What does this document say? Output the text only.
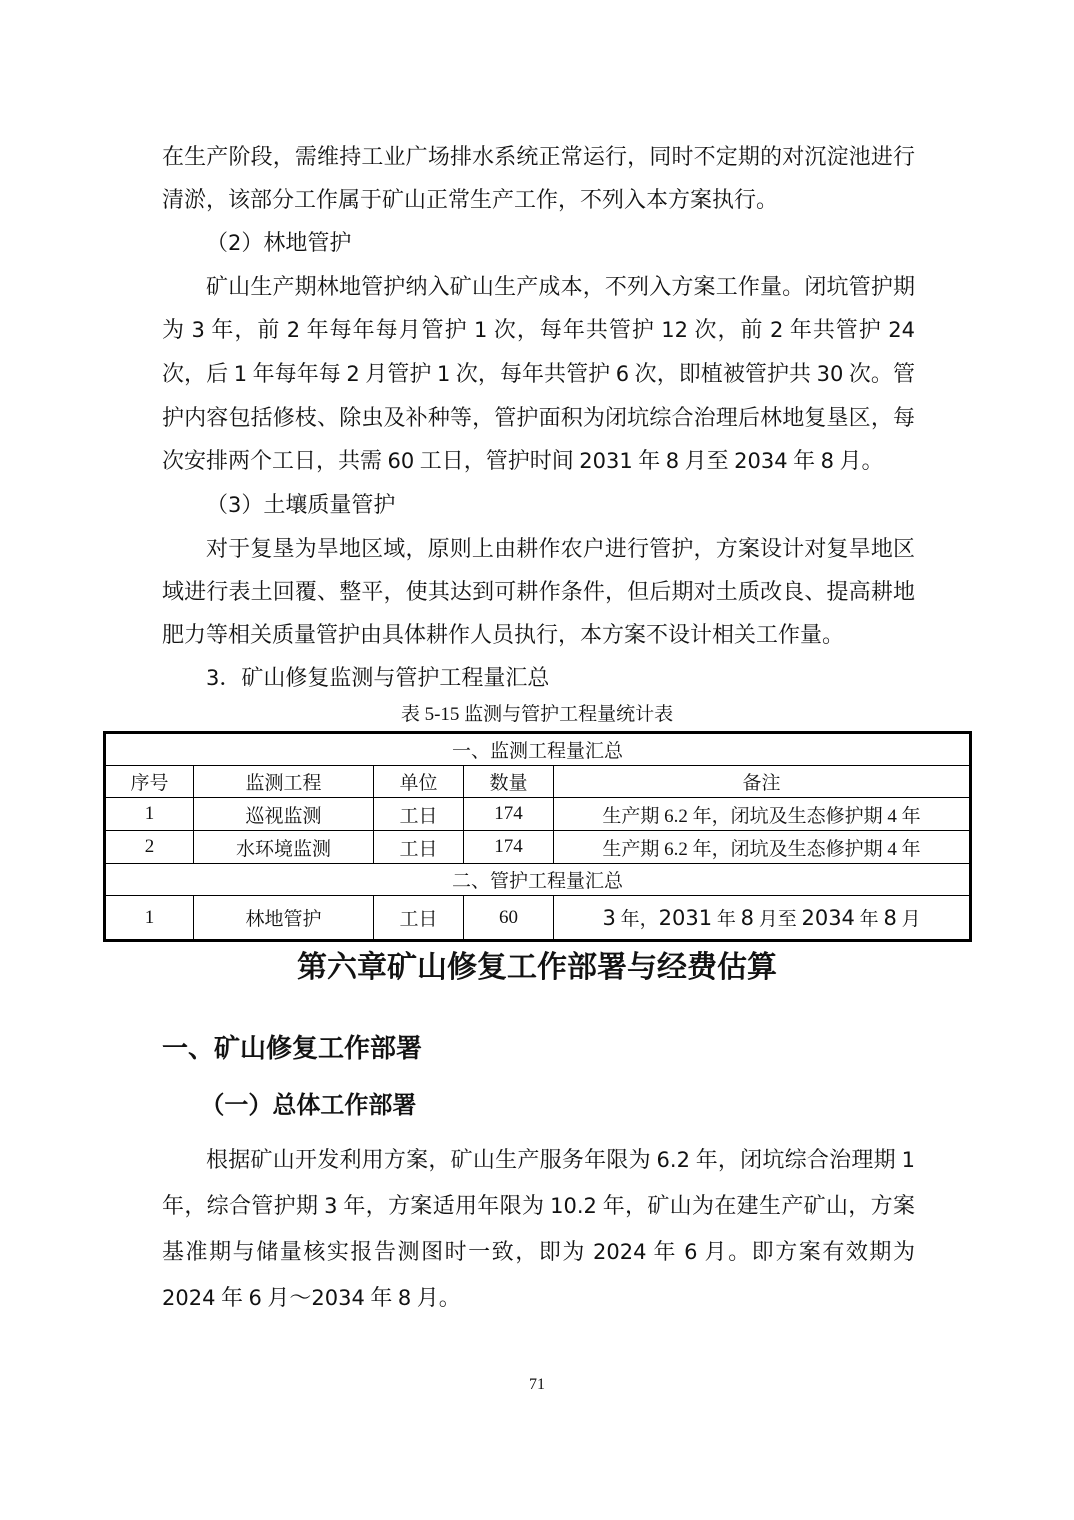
在生产阶段，需维持工业广场排水系统正常运行，同时不定期的对沉淀池进行清淤，该部分工作属于矿山正常生产工作，不列入本方案执行。

（2）林地管护

矿山生产期林地管护纳入矿山生产成本，不列入方案工作量。闭坑管护期为 3 年，前 2 年每年每月管护 1 次，每年共管护 12 次，前 2 年共管护 24 次，后 1 年每年每 2 月管护 1 次，每年共管护 6 次，即植被管护共 30 次。管护内容包括修枝、除虫及补种等，管护面积为闭坑综合治理后林地复垦区，每次安排两个工日，共需 60 工日，管护时间 2031 年 8 月至 2034 年 8 月。

（3）土壤质量管护

对于复垦为旱地区域，原则上由耕作农户进行管护，方案设计对复旱地区域进行表土回覆、整平，使其达到可耕作条件，但后期对土质改良、提高耕地肥力等相关质量管护由具体耕作人员执行，本方案不设计相关工作量。

3．矿山修复监测与管护工程量汇总

表 5-15 监测与管护工程量统计表
一、监测工程量汇总				
序号	监测工程	单位	数量	备注
1	巡视监测	工日	174	生产期 6.2 年，闭坑及生态修护期 4 年
2	水环境监测	工日	174	生产期 6.2 年，闭坑及生态修护期 4 年
二、管护工程量汇总				
1	林地管护	工日	60	3 年，2031 年 8 月至 2034 年 8 月
第六章矿山修复工作部署与经费估算
一、矿山修复工作部署
（一）总体工作部署

根据矿山开发利用方案，矿山生产服务年限为 6.2 年，闭坑综合治理期 1 年，综合管护期 3 年，方案适用年限为 10.2 年，矿山为在建生产矿山，方案基准期与储量核实报告测图时一致，即为 2024 年 6 月。即方案有效期为 2024 年 6 月～2034 年 8 月。

71
